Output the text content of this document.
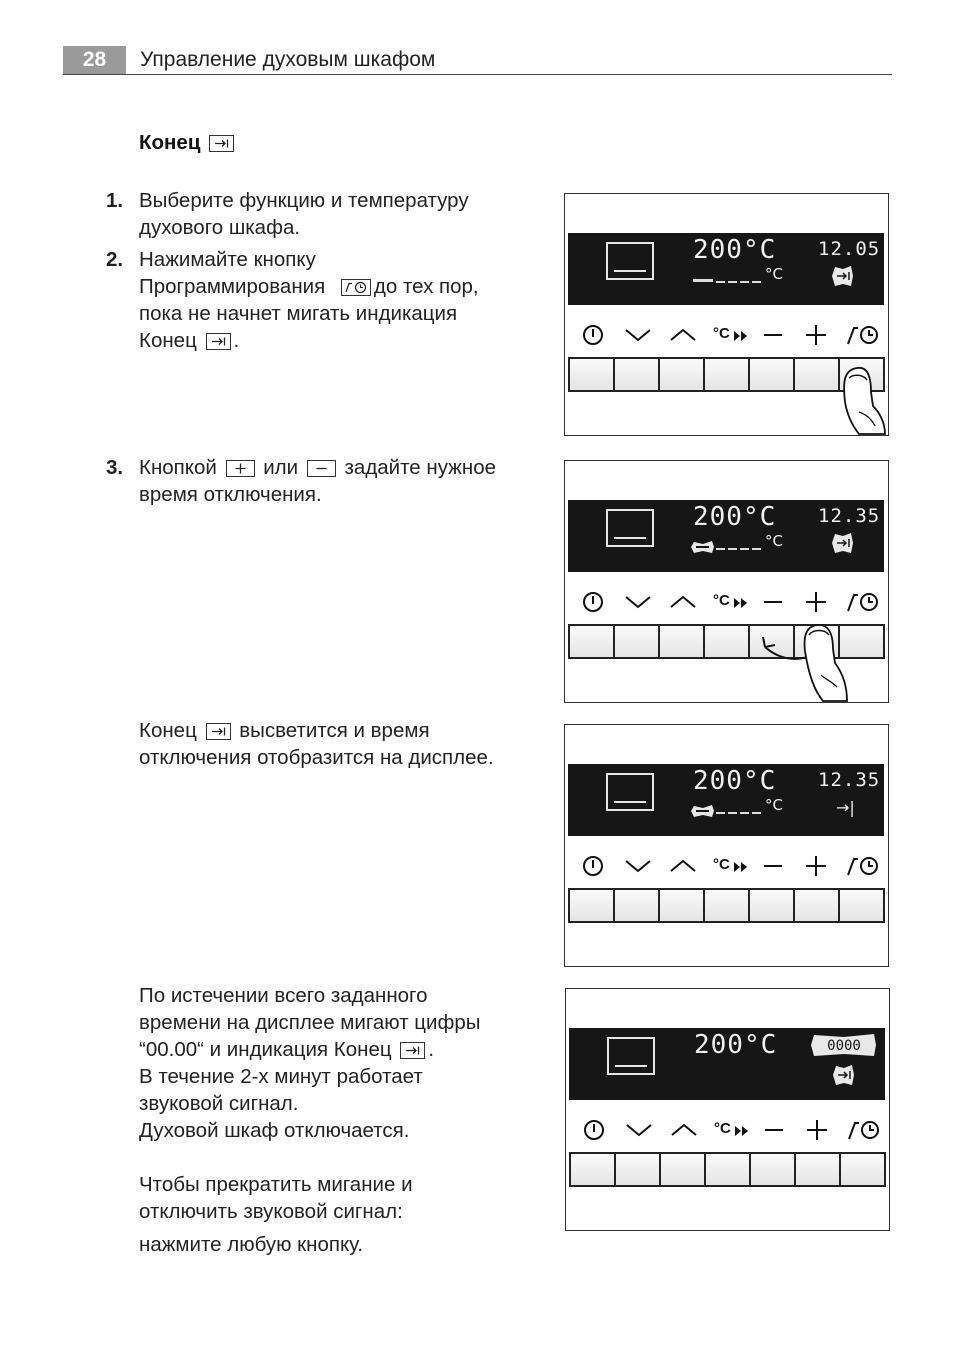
28	Управление духовым шкафом
Конец
1. Выберите функцию и температуру
духового шкафа.
2. Нажимайте кнопку
Программирования до тех пор,
пока не начнет мигать индикация
Конец .
3. Кнопкой или задайте нужное
время отключения.
Конец высветится и время
отключения отобразится на дисплее.
По истечении всего заданного
времени на дисплее мигают цифры
“00.00“ и индикация Конец .
В течение 2-х минут работает
звуковой сигнал.
Духовой шкаф отключается.
Чтобы прекратить мигание и
отключить звуковой сигнал:
нажмите любую кнопку.
200°C 12.05
°C
°C
200°C 12.35
°C
°C
200°C 12.35
°C	→|
°C
200°C	0000
°C
